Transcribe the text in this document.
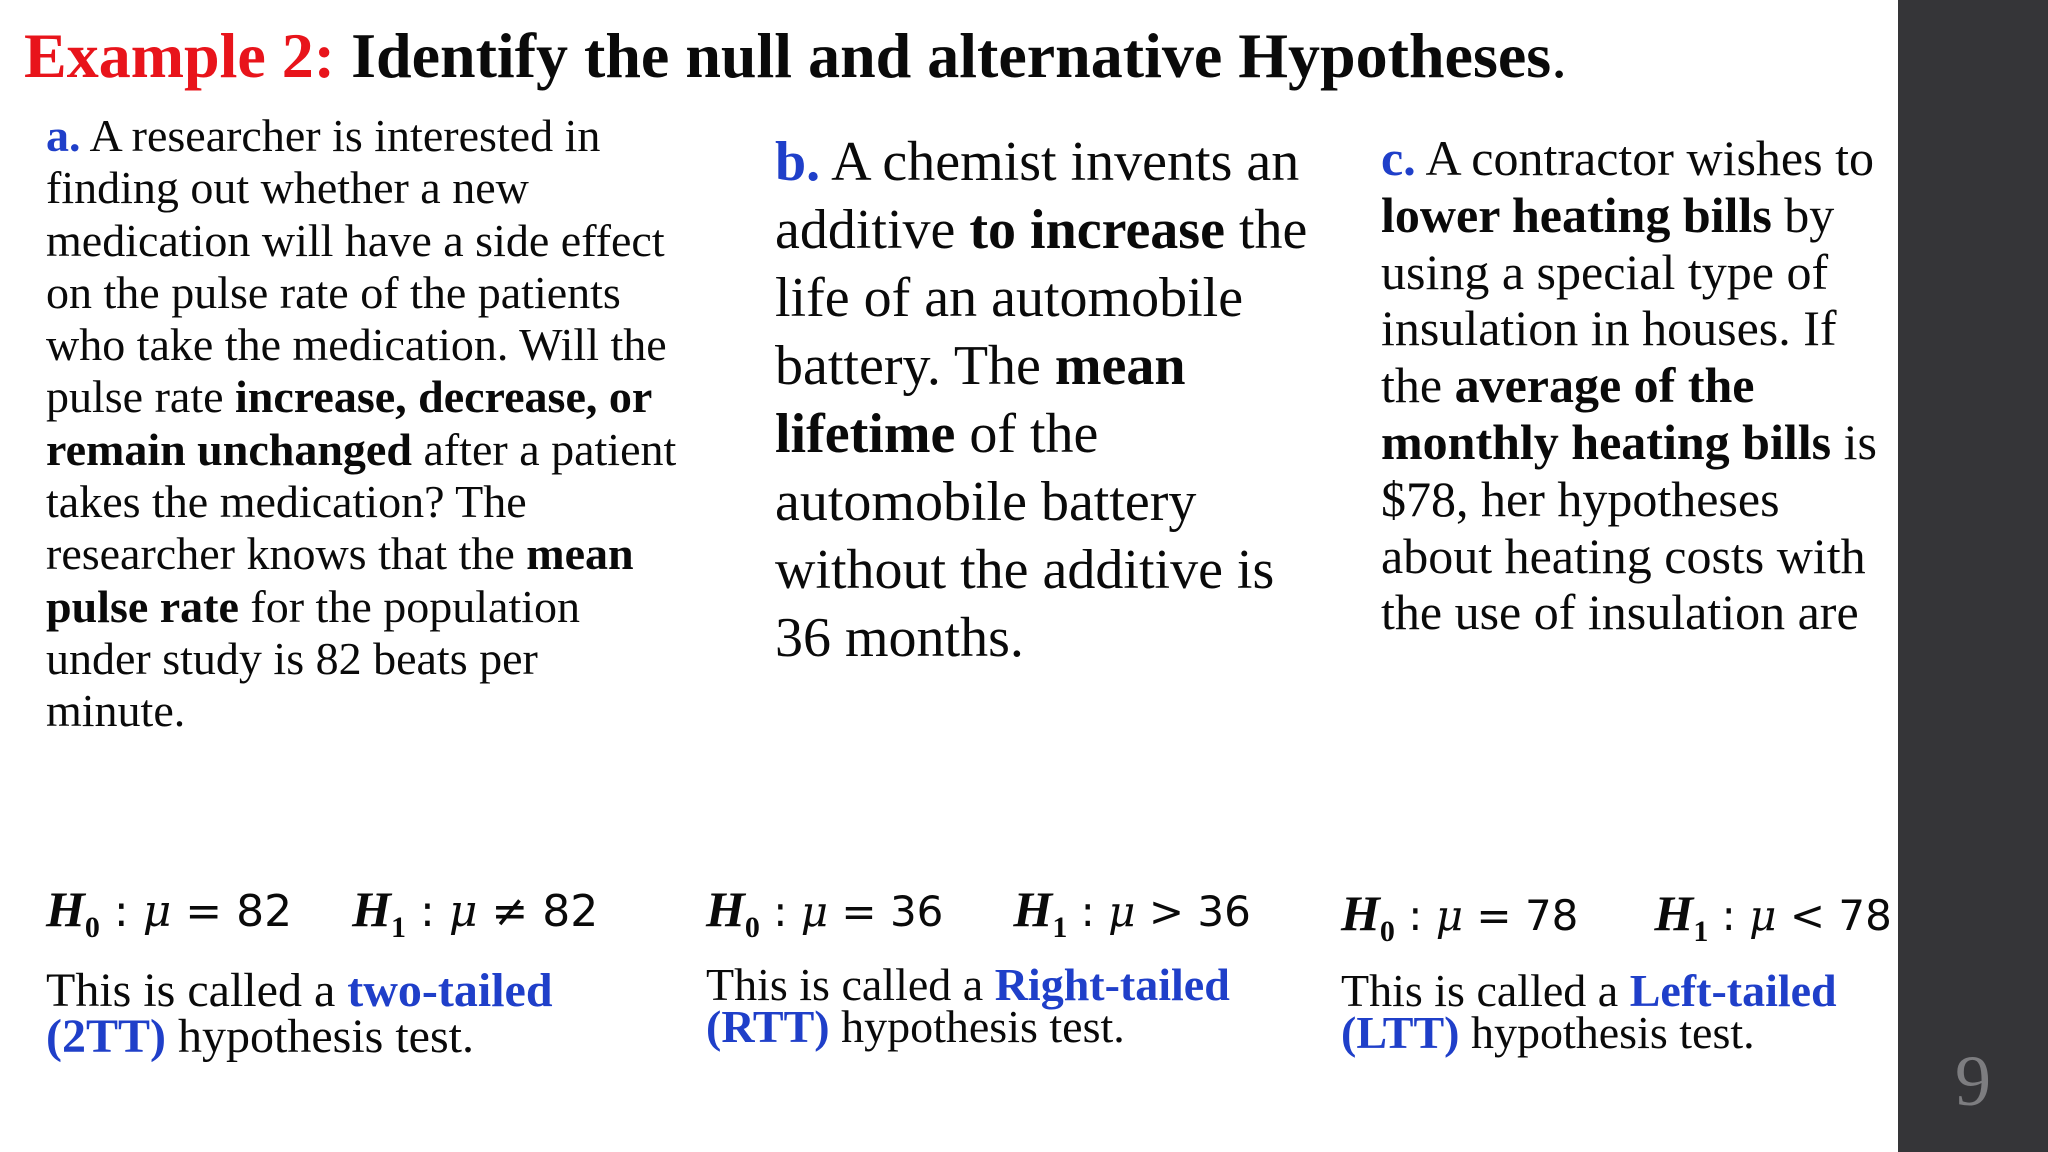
Example 2: Identify the null and alternative Hypotheses.

a. A researcher is interested in finding out whether a new medication will have a side effect on the pulse rate of the patients who take the medication. Will the pulse rate increase, decrease, or remain unchanged after a patient takes the medication? The researcher knows that the mean pulse rate for the population under study is 82 beats per minute.

b. A chemist invents an additive to increase the life of an automobile battery. The mean lifetime of the automobile battery without the additive is 36 months.

c. A contractor wishes to lower heating bills by using a special type of insulation in houses. If the average of the monthly heating bills is $78, her hypotheses about heating costs with the use of insulation are

$H_0$ : μ = 82 $H_1$ : μ ≠ 82 $H_0$ : μ = 36 $H_1$ : μ > 36 $H_0$ : μ = 78 $H_1$ : μ < 78

This is called a two-tailed
(2TT) hypothesis test.

This is called a Right-tailed
(RTT) hypothesis test.

This is called a Left-tailed
(LTT) hypothesis test.

9
